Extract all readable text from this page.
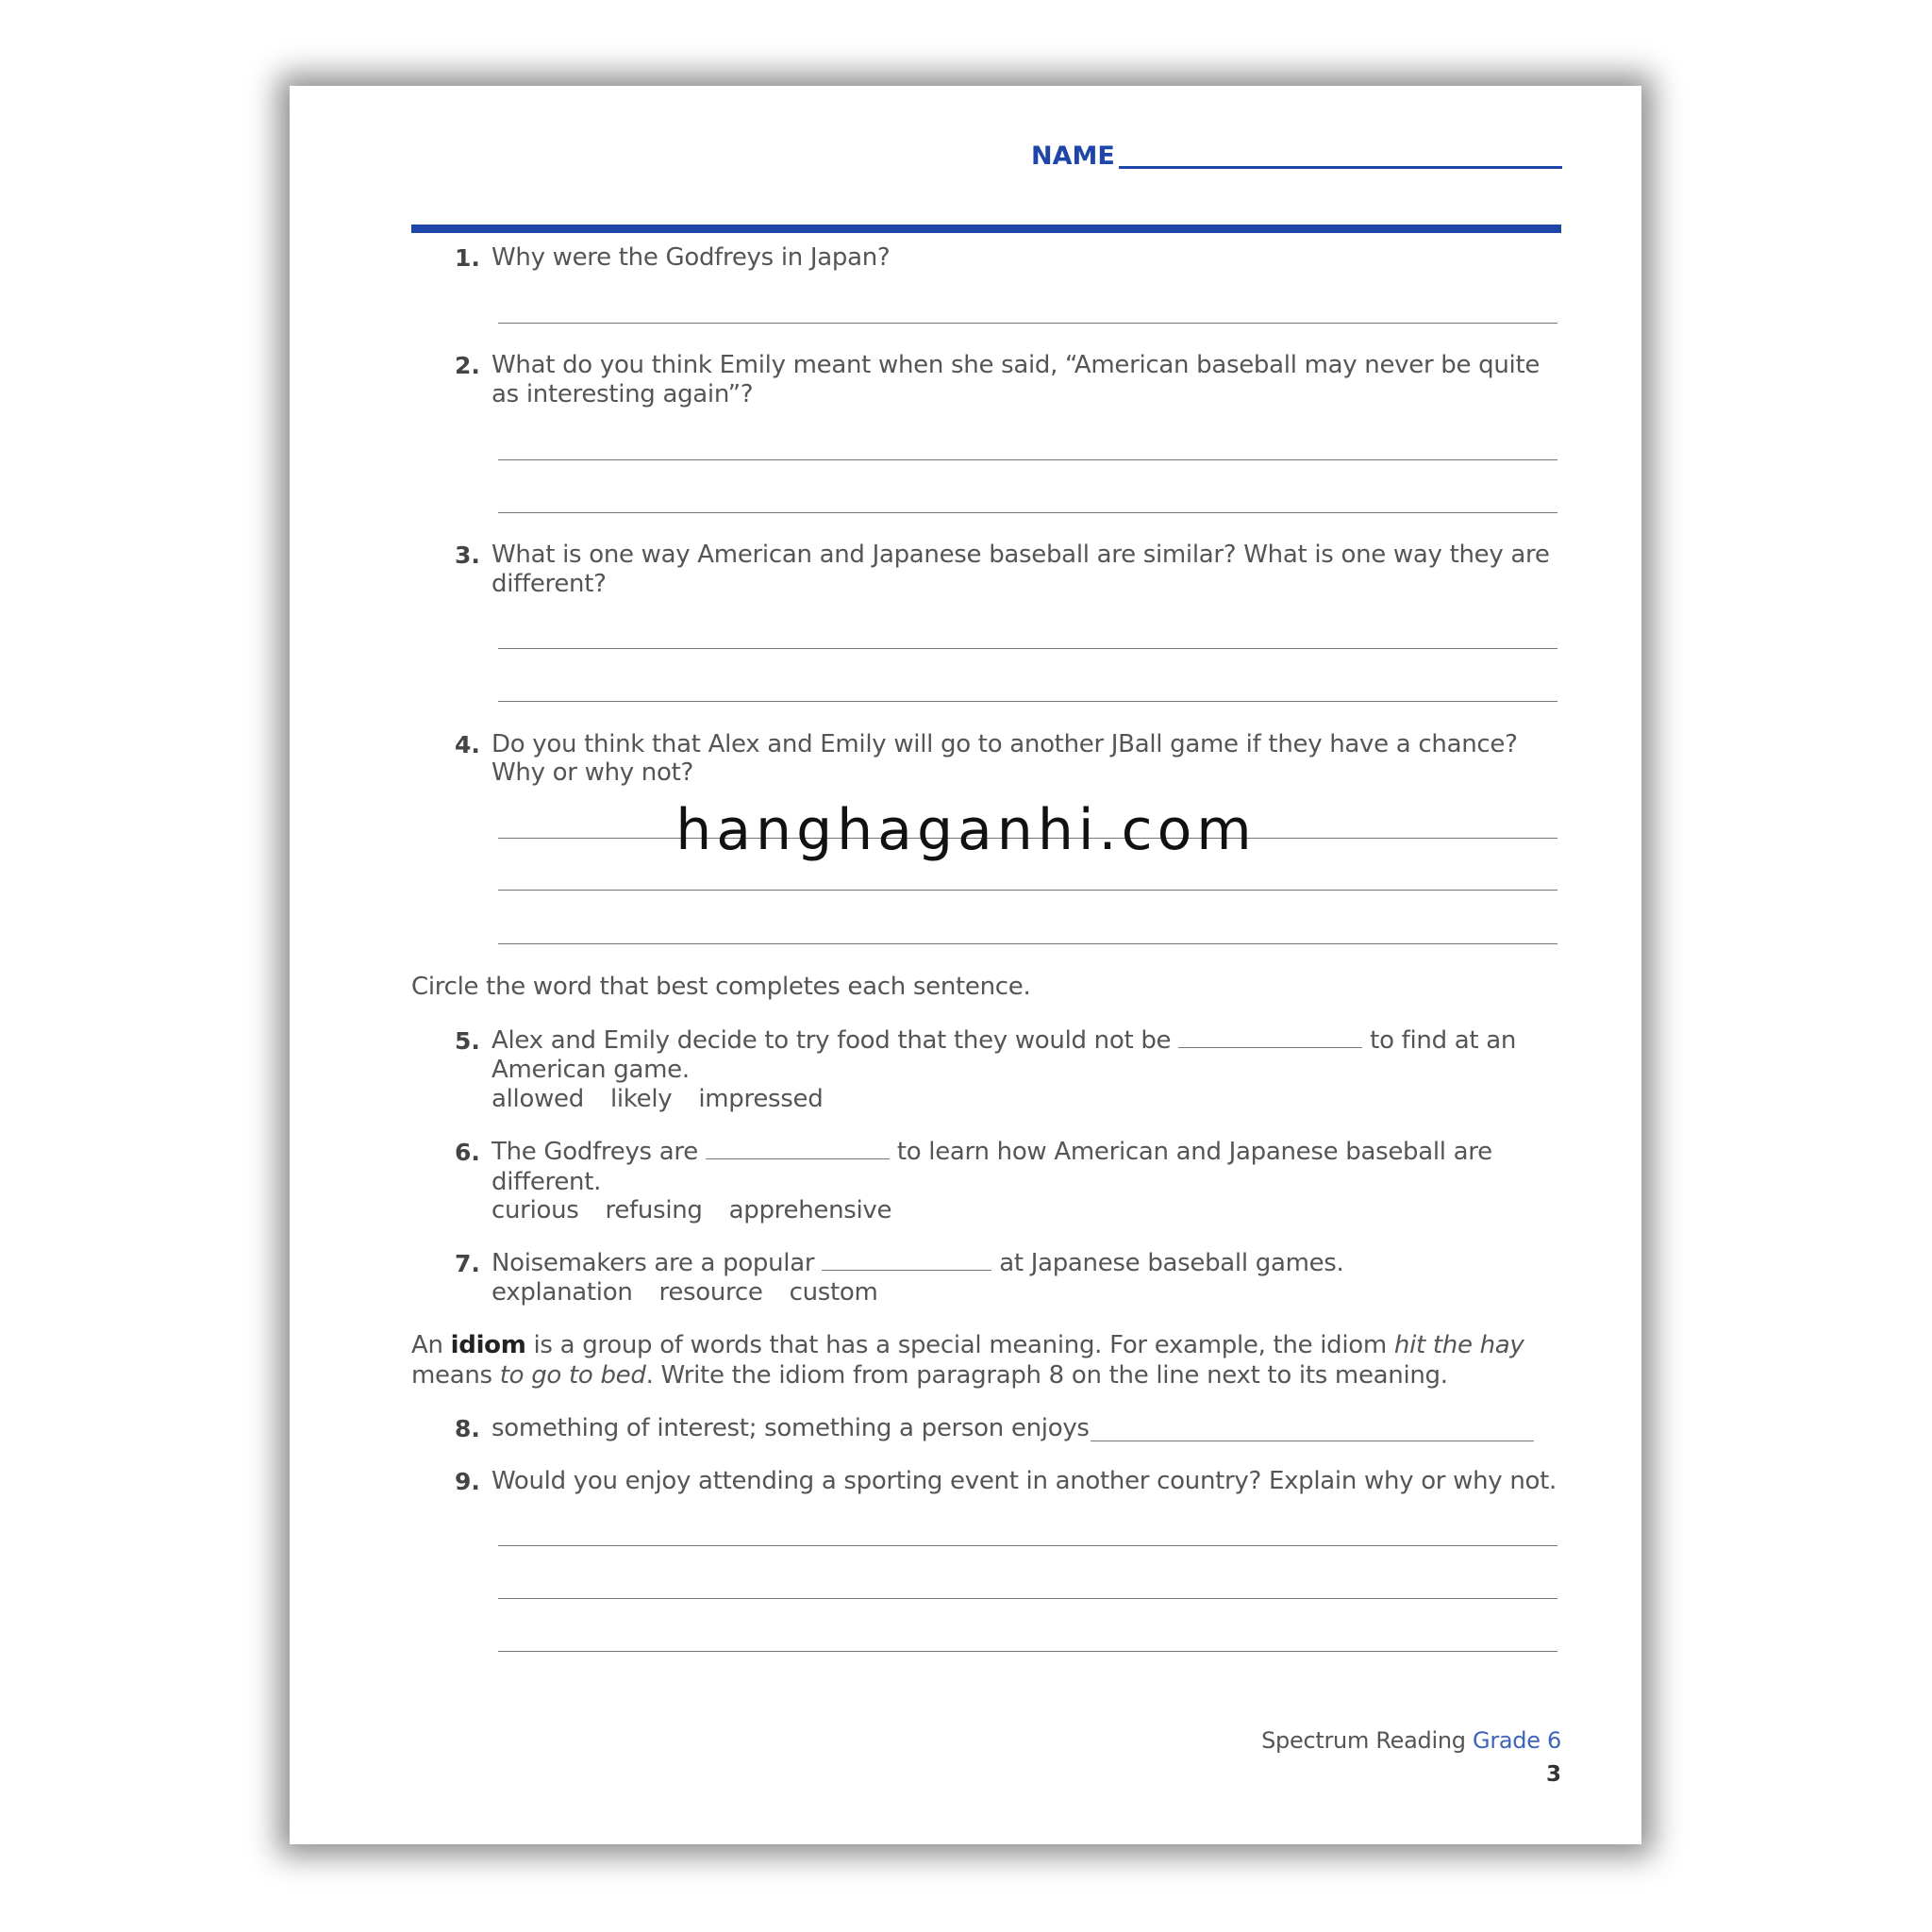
NAME
1. Why were the Godfreys in Japan?
2. What do you think Emily meant when she said, “American baseball may never be quite
as interesting again”?
3. What is one way American and Japanese baseball are similar? What is one way they are
different?
4. Do you think that Alex and Emily will go to another JBall game if they have a chance?
Why or why not?
Circle the word that best completes each sentence.
5. Alex and Emily decide to try food that they would not be	to find at an
American game.
allowed likely impressed
6. The Godfreys are	to learn how American and Japanese baseball are
different.
curious refusing apprehensive
7. Noisemakers are a popular	at Japanese baseball games.
explanation resource custom
An idiom is a group of words that has a special meaning. For example, the idiom hit the hay
means to go to bed. Write the idiom from paragraph 8 on the line next to its meaning.
8. something of interest; something a person enjoys
9. Would you enjoy attending a sporting event in another country? Explain why or why not.
Spectrum Reading Grade 6
3
hanghaganhi.com
